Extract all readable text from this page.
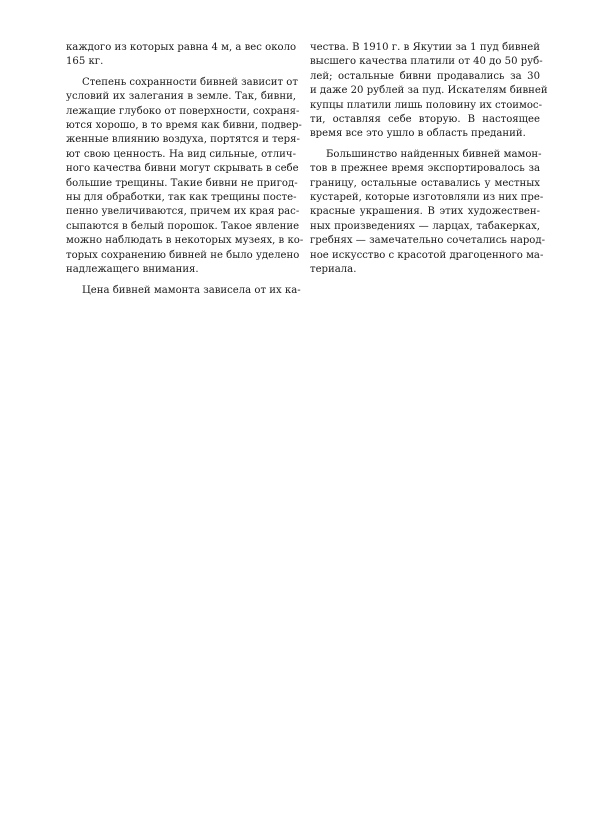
каждого из которых равна 4 м, а вес около
165 кг.
Степень сохранности бивней зависит от
условий их залегания в земле. Так, бивни,
лежащие глубоко от поверхности, сохраня-
ются хорошо, в то время как бивни, подвер-
женные влиянию воздуха, портятся и теря-
ют свою ценность. На вид сильные, отлич-
ного качества бивни могут скрывать в себе
большие трещины. Такие бивни не пригод-
ны для обработки, так как трещины посте-
пенно увеличиваются, причем их края рас-
сыпаются в белый порошок. Такое явление
можно наблюдать в некоторых музеях, в ко-
торых сохранению бивней не было уделено
надлежащего внимания.
Цена бивней мамонта зависела от их ка-
чества. В 1910 г. в Якутии за 1 пуд бивней
высшего качества платили от 40 до 50 руб-
лей; остальные бивни продавались за 30
и даже 20 рублей за пуд. Искателям бивней
купцы платили лишь половину их стоимос-
ти, оставляя себе вторую. В настоящее
время все это ушло в область преданий.
Большинство найденных бивней мамон-
тов в прежнее время экспортировалось за
границу, остальные оставались у местных
кустарей, которые изготовляли из них пре-
красные украшения. В этих художествен-
ных произведениях — ларцах, табакерках,
гребнях — замечательно сочетались народ-
ное искусство с красотой драгоценного ма-
териала.
